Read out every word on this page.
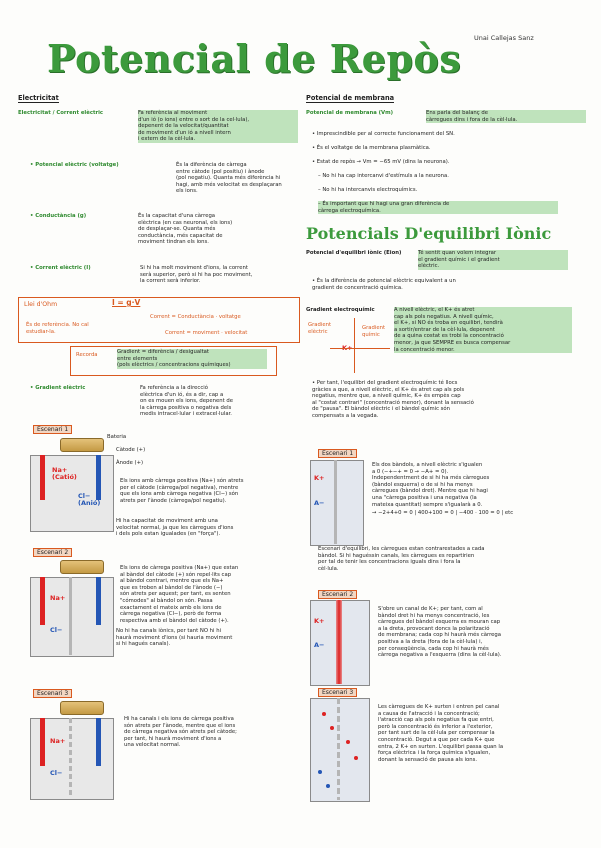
Potencial de Repòs Unai Callejas Sanz
Electricitat
Electricitat / Corrent elèctric	Fa referència al moviment
d'un ió (o ions) entre o sort de la cel·lula),
depenent de la velocitat/quantitat
de moviment d'un ió a nivell intern
i extern de la cèl·lula.
• Potencial elèctric (voltatge)	És la diferència de càrrega
entre càtode (pol positiu) i ànode
(pol negatiu). Quanta més diferència hi
hagi, amb més velocitat es desplaçaran
els ions.
• Conductància (g)	És la capacitat d'una càrrega
elèctrica (en cas neuronal, els ions)
de desplaçar-se. Quanta més
conductància, més capacitat de
moviment tindran els ions.
• Corrent elèctric (I)	Si hi ha molt moviment d'ions, la corrent
serà superior, però si hi ha poc moviment,
la corrent serà inferior.
Llei d'Ohm	I = g·V
És de referència. No cal
estudiar-la.
Corrent = Conductància · voltatge
Corrent = moviment · velocitat
Recorda	Gradient = diferència / desigualtat
entre elements
(pols elèctrics / concentracions químiques)
• Gradient elèctric	Fa referència a la direcció
elèctrica d'un ió, és a dir, cap a
on es mouen els ions, depenent de
la càrrega positiva o negativa dels
medis intracel·lular i extracel·lular.
Escenari 1
Bateria
Càtode (+)
Ànode (+)
Na+
(Catió)
Cl−
(Anió)
Els ions amb càrrega positiva (Na+) són atrets
per el càtode (càrrega/pol negativa), mentre
que els ions amb càrrega negativa (Cl−) són
atrets per l'ànode (càrrega/pol negatiu).
Hi ha capacitat de moviment amb una
velocitat normal, ja que les càrregues d'ions
i dels pols estan igualades (en "força").
Escenari 2
Na+
Cl−
Els ions de càrrega positiva (Na+) que estan
al bàndol del càtode (+) són repel·lits cap
al bàndol contrari, mentre que els Na+
que es troben al bàndol de l'ànode (−)
són atrets per aquest; per tant, es senten
"cómodes" al bàndol on són. Passa
exactament el mateix amb els ions de
càrrega negativa (Cl−), però de forma
respectiva amb el bàndol del càtode (+).
No hi ha canals iònics, per tant NO hi hi
haurà moviment d'ions (si hauria moviment
si hi hagués canals).
Escenari 3
Na+
Cl−
Hi ha canals i els ions de càrrega positiva
són atrets per l'ànode, mentre que el ions
de càrrega negativa són atrets pel càtode;
per tant, hi haurà moviment d'ions a
una velocitat normal.
Potencial de membrana
Potencial de membrana (Vm)	Ens parla del balanç de
càrregues dins i fora de la cèl·lula.
• Imprescindible per al correcte funcionament del SN.
• És el voltatge de la membrana plasmàtica.
• Estat de repòs → Vm = −65 mV (dins la neurona).
– No hi ha cap intercanvi d'estímuls a la neurona.
– No hi ha intercanvis electroquímics.
– És important que hi hagi una gran diferència de
càrrega electroquímica.
Potencials D'equilibri Iònic
Potencial d'equilibri iònic (Eion)	Té sentit quan volem integrar
el gradient químic i el gradient
elèctric.
• És la diferència de potencial elèctric equivalent a un
gradient de concentració química.
Gradient electroquímic	A nivell elèctric, el K+ és atret
cap als pols negatius. A nivell químic,
el K+, si NO és troba en equilibri, tendirà
a sortir/entrar de la cèl·lula, depenent
de a quina costat es trobi la concentració
menor, ja que SEMPRE es busca compensar
la concentració menor.
Gradient
elèctric
Gradient
químic
• Per tant, l'equilibri del gradient electroquímic té llocs
gràcies a que, a nivell elèctric, el K+ és atret cap als pols
negatius, mentre que, a nivell químic, K+ és empès cap
al "costat contrari" (concentració menor), donant la sensació
de "pausa". El bàndol elèctric i el bàndol químic són
compensats a la vegada.
Escenari 1
K+
A−
Els dos bàndols, a nivell elèctric s'igualen
a 0 (−+−+ = 0 → −A+ = 0).
Independentment de si hi ha més càrregues
(bàndol esquerra) o de si hi ha menys
càrregues (bàndol dret). Mentre que hi hagi
una "càrrega positiva i una negativa (la
mateixa quantitat) sempre s'igualarà a 0.
→ −2+4+0 = 0 | 400+100 = 0 | −400 · 100 = 0 | etc
Escenari d'equilibri, les càrregues estan contrarestades a cada
bàndol. Si hi haguéssin canals, les càrregues es repartirien
per tal de tenir les concentracions iguals dins i fora la
cèl·lula.
Escenari 2
K+
A−
S'obre un canal de K+; per tant, com al
bàndol dret hi ha menys concentració, les
càrregues del bàndol esquerra es mouran cap
a la dreta, provocant doncs la polarització
de membrana; cada cop hi haurà més càrrega
positiva a la dreta (fora de la cèl·lula) i,
per conseqüència, cada cop hi haurà més
càrrega negativa a l'esquerra (dins la cèl·lula).
Escenari 3
Les càrregues de K+ surten i entren pel canal
a causa de l'atracció i la concentració;
l'atracció cap als pols negatius fa que entri,
però la concentració és inferior a l'exterior,
per tant surt de la cèl·lula per compensar la
concentració. Degut a que per cada K+ que
entra, 2 K+ en surten. L'equilibri passa quan la
força elèctrica i la força química s'igualen,
donant la sensació de pausa als ions.
